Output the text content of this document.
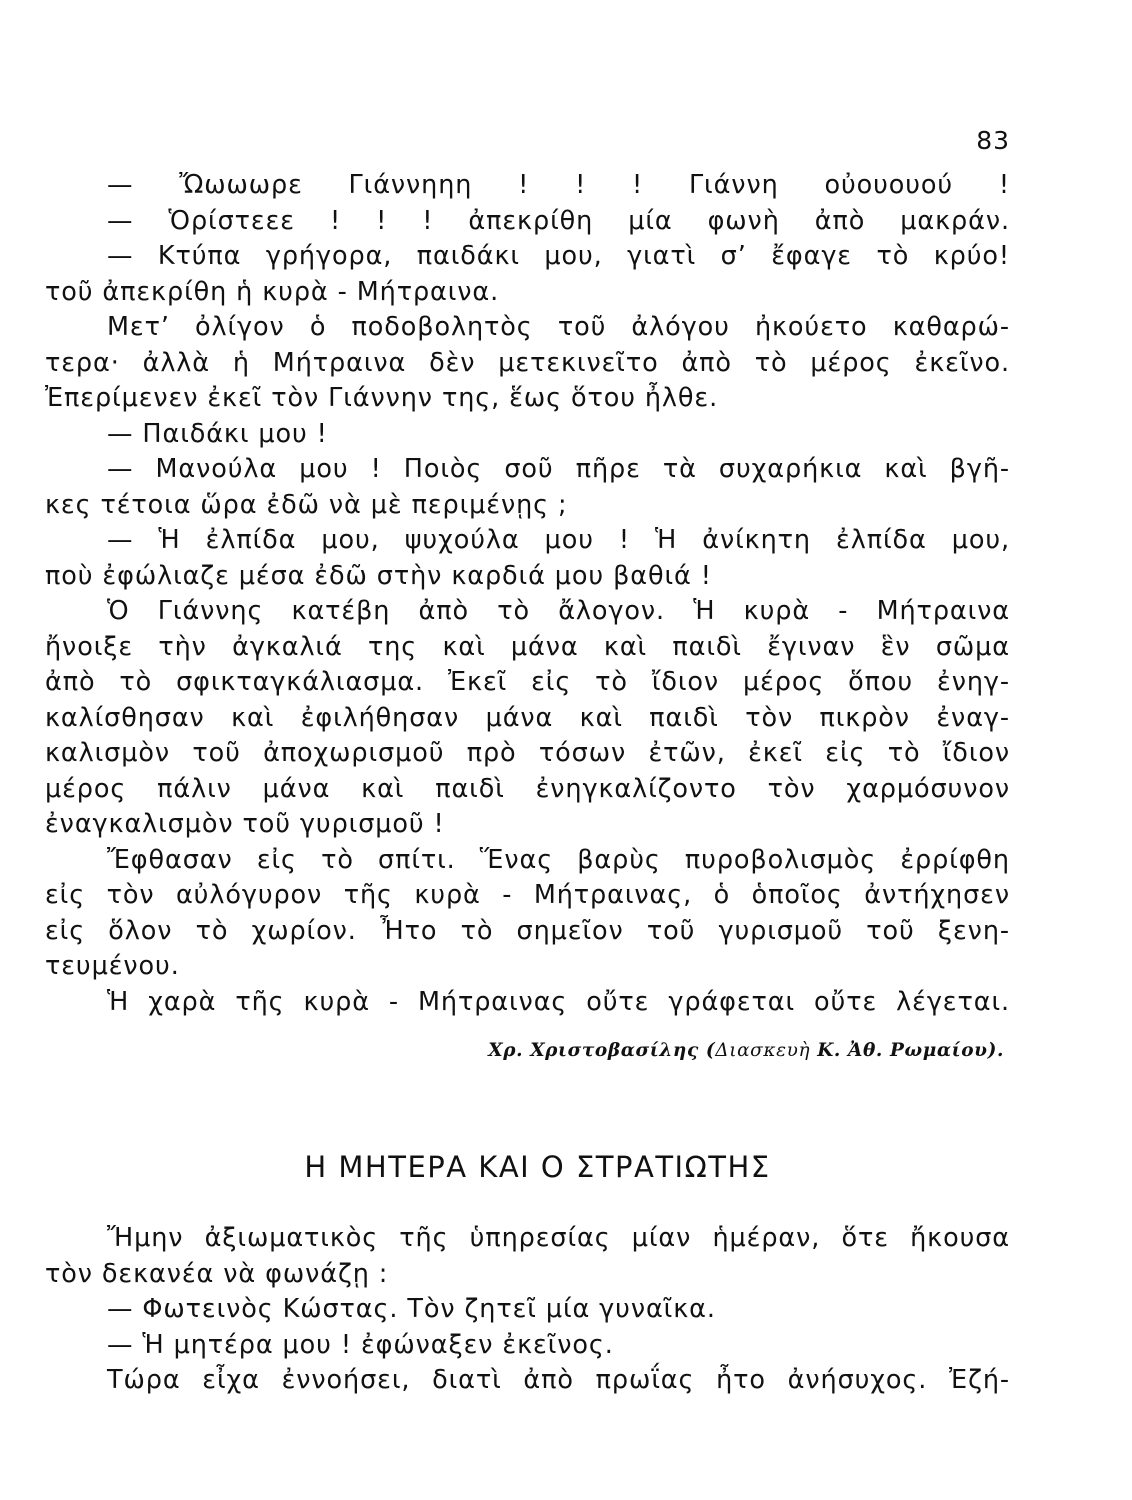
83
— Ὤωωωρε Γιάννηηη ! ! ! Γιάννη οὐουουού !
— Ὁρίστεεε ! ! ! ἀπεκρίθη μία φωνὴ ἀπὸ μακράν.
— Κτύπα γρήγορα, παιδάκι μου, γιατὶ σ’ ἔφαγε τὸ κρύο!
τοῦ ἀπεκρίθη ἡ κυρὰ - Μήτραινα.
Μετ’ ὀλίγον ὁ ποδοβολητὸς τοῦ ἀλόγου ἠκούετο καθαρώ-
τερα· ἀλλὰ ἡ Μήτραινα δὲν μετεκινεῖτο ἀπὸ τὸ μέρος ἐκεῖνο.
Ἐπερίμενεν ἐκεῖ τὸν Γιάννην της, ἕως ὅτου ἦλθε.
— Παιδάκι μου !
— Μανούλα μου ! Ποιὸς σοῦ πῆρε τὰ συχαρήκια καὶ βγῆ-
κες τέτοια ὥρα ἐδῶ νὰ μὲ περιμένῃς ;
— Ἡ ἐλπίδα μου, ψυχούλα μου ! Ἡ ἀνίκητη ἐλπίδα μου,
ποὺ ἐφώλιαζε μέσα ἐδῶ στὴν καρδιά μου βαθιά !
Ὁ Γιάννης κατέβη ἀπὸ τὸ ἄλογον. Ἡ κυρὰ - Μήτραινα
ἤνοιξε τὴν ἀγκαλιά της καὶ μάνα καὶ παιδὶ ἔγιναν ἓν σῶμα
ἀπὸ τὸ σφικταγκάλιασμα. Ἐκεῖ εἰς τὸ ἴδιον μέρος ὅπου ἐνηγ-
καλίσθησαν καὶ ἐφιλήθησαν μάνα καὶ παιδὶ τὸν πικρὸν ἐναγ-
καλισμὸν τοῦ ἀποχωρισμοῦ πρὸ τόσων ἐτῶν, ἐκεῖ εἰς τὸ ἴδιον
μέρος πάλιν μάνα καὶ παιδὶ ἐνηγκαλίζοντο τὸν χαρμόσυνον
ἐναγκαλισμὸν τοῦ γυρισμοῦ !
Ἔφθασαν εἰς τὸ σπίτι. Ἕνας βαρὺς πυροβολισμὸς ἐρρίφθη
εἰς τὸν αὐλόγυρον τῆς κυρὰ - Μήτραινας, ὁ ὁποῖος ἀντήχησεν
εἰς ὅλον τὸ χωρίον. Ἦτο τὸ σημεῖον τοῦ γυρισμοῦ τοῦ ξενη-
τευμένου.
Ἡ χαρὰ τῆς κυρὰ - Μήτραινας οὔτε γράφεται οὔτε λέγεται.
Χρ. Χριστοβασίλης (Διασκευὴ Κ. Ἀθ. Ρωμαίου).
Η ΜΗΤΕΡΑ ΚΑΙ Ο ΣΤΡΑΤΙΩΤΗΣ
Ἤμην ἀξιωματικὸς τῆς ὑπηρεσίας μίαν ἡμέραν, ὅτε ἤκουσα
τὸν δεκανέα νὰ φωνάζῃ :
— Φωτεινὸς Κώστας. Τὸν ζητεῖ μία γυναῖκα.
— Ἡ μητέρα μου ! ἐφώναξεν ἐκεῖνος.
Τώρα εἶχα ἐννοήσει, διατὶ ἀπὸ πρωΐας ἦτο ἀνήσυχος. Ἐζή-
